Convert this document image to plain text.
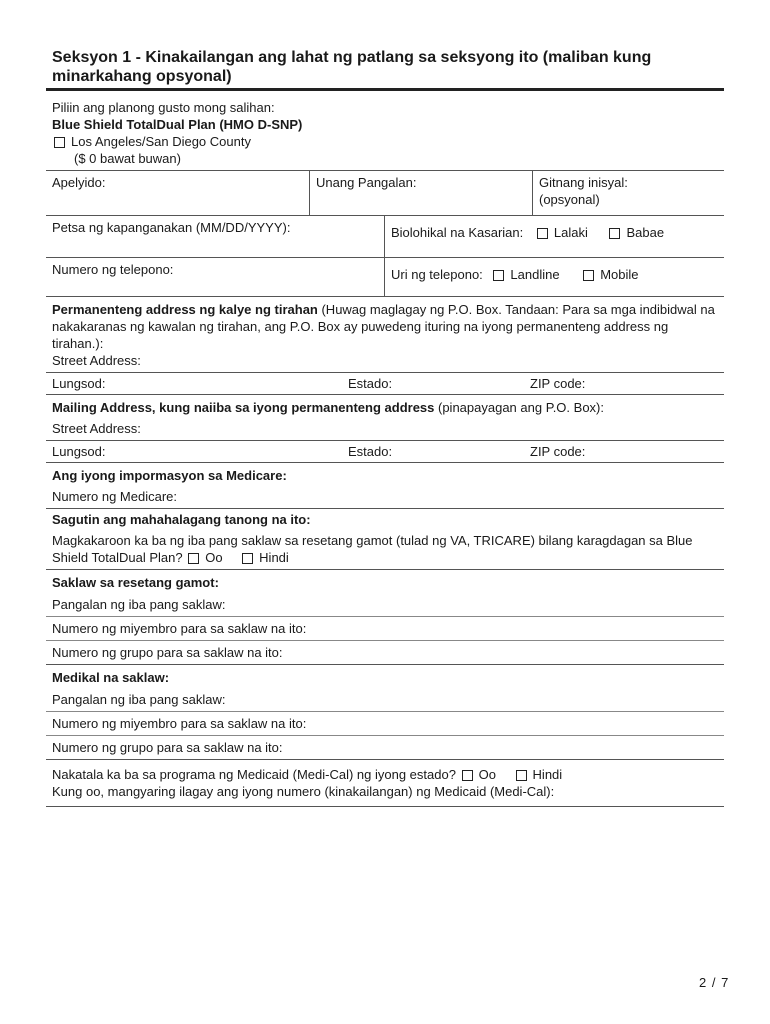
Seksyon 1 - Kinakailangan ang lahat ng patlang sa seksyong ito (maliban kung minarkahang opsyonal)
Piliin ang planong gusto mong salihan:
Blue Shield TotalDual Plan (HMO D-SNP)
Los Angeles/San Diego County
($ 0 bawat buwan)
Apelyido:	Unang Pangalan:	Gitnang inisyal:
(opsyonal)
Petsa ng kapanganakan (MM/DD/YYYY):	Biolohikal na Kasarian: Lalaki	Babae
Numero ng telepono:	Uri ng telepono: Landline	Mobile
Permanenteng address ng kalye ng tirahan (Huwag maglagay ng P.O. Box. Tandaan: Para sa mga indibidwal na nakakaranas ng kawalan ng tirahan, ang P.O. Box ay puwedeng ituring na iyong permanenteng address ng tirahan.):
Street Address:
Lungsod:	Estado:	ZIP code:
Mailing Address, kung naiiba sa iyong permanenteng address (pinapayagan ang P.O. Box):
Street Address:
Lungsod:	Estado:	ZIP code:
Ang iyong impormasyon sa Medicare:
Numero ng Medicare:
Sagutin ang mahahalagang tanong na ito:
Magkakaroon ka ba ng iba pang saklaw sa resetang gamot (tulad ng VA, TRICARE) bilang karagdagan sa Blue Shield TotalDual Plan? Oo	Hindi
Saklaw sa resetang gamot:
Pangalan ng iba pang saklaw:
Numero ng miyembro para sa saklaw na ito:
Numero ng grupo para sa saklaw na ito:
Medikal na saklaw:
Pangalan ng iba pang saklaw:
Numero ng miyembro para sa saklaw na ito:
Numero ng grupo para sa saklaw na ito:
Nakatala ka ba sa programa ng Medicaid (Medi-Cal) ng iyong estado? Oo	Hindi
Kung oo, mangyaring ilagay ang iyong numero (kinakailangan) ng Medicaid (Medi-Cal):
2 / 7
